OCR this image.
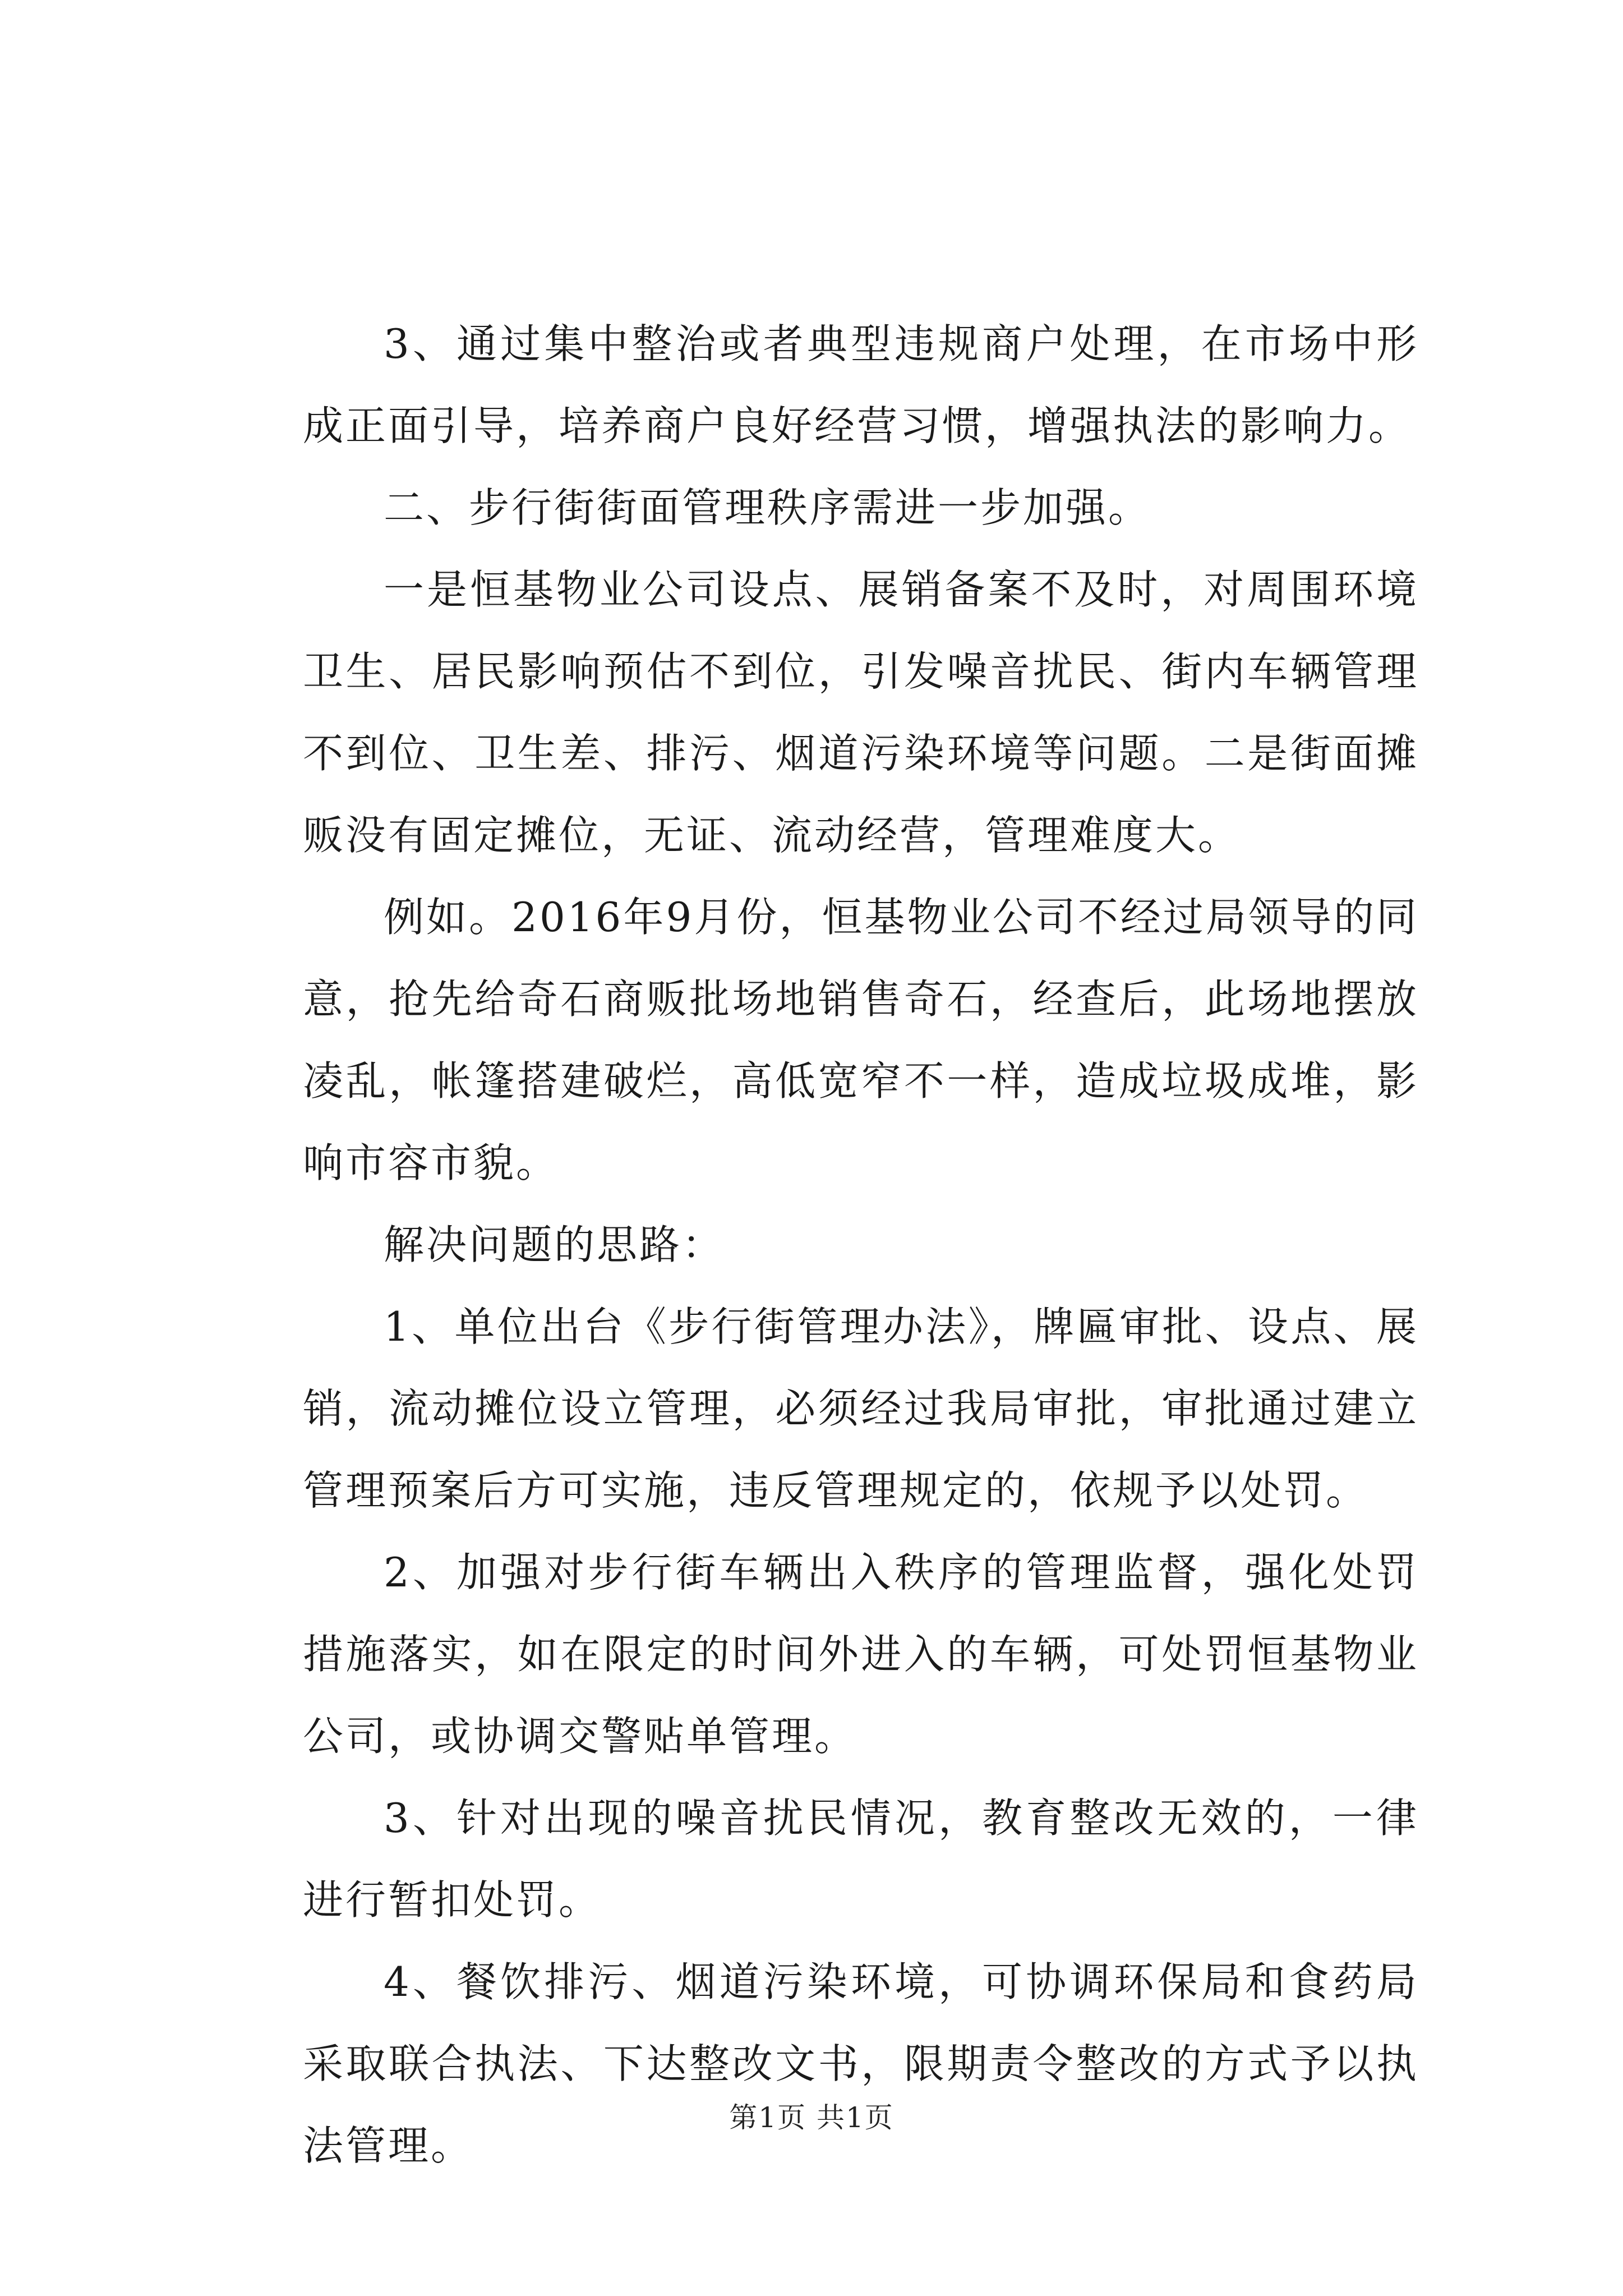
3、通过集中整治或者典型违规商户处理，在市场中形成正面引导，培养商户良好经营习惯，增强执法的影响力。

二、步行街街面管理秩序需进一步加强。

一是恒基物业公司设点、展销备案不及时，对周围环境卫生、居民影响预估不到位，引发噪音扰民、街内车辆管理不到位、卫生差、排污、烟道污染环境等问题。二是街面摊贩没有固定摊位，无证、流动经营，管理难度大。

例如。2016年9月份，恒基物业公司不经过局领导的同意，抢先给奇石商贩批场地销售奇石，经查后，此场地摆放凌乱，帐篷搭建破烂，高低宽窄不一样，造成垃圾成堆，影响市容市貌。

解决问题的思路：

1、单位出台《步行街管理办法》，牌匾审批、设点、展销，流动摊位设立管理，必须经过我局审批，审批通过建立管理预案后方可实施，违反管理规定的，依规予以处罚。

2、加强对步行街车辆出入秩序的管理监督，强化处罚措施落实，如在限定的时间外进入的车辆，可处罚恒基物业公司，或协调交警贴单管理。

3、针对出现的噪音扰民情况，教育整改无效的，一律进行暂扣处罚。

4、餐饮排污、烟道污染环境，可协调环保局和食药局采取联合执法、下达整改文书，限期责令整改的方式予以执法管理。

第1页 共1页
